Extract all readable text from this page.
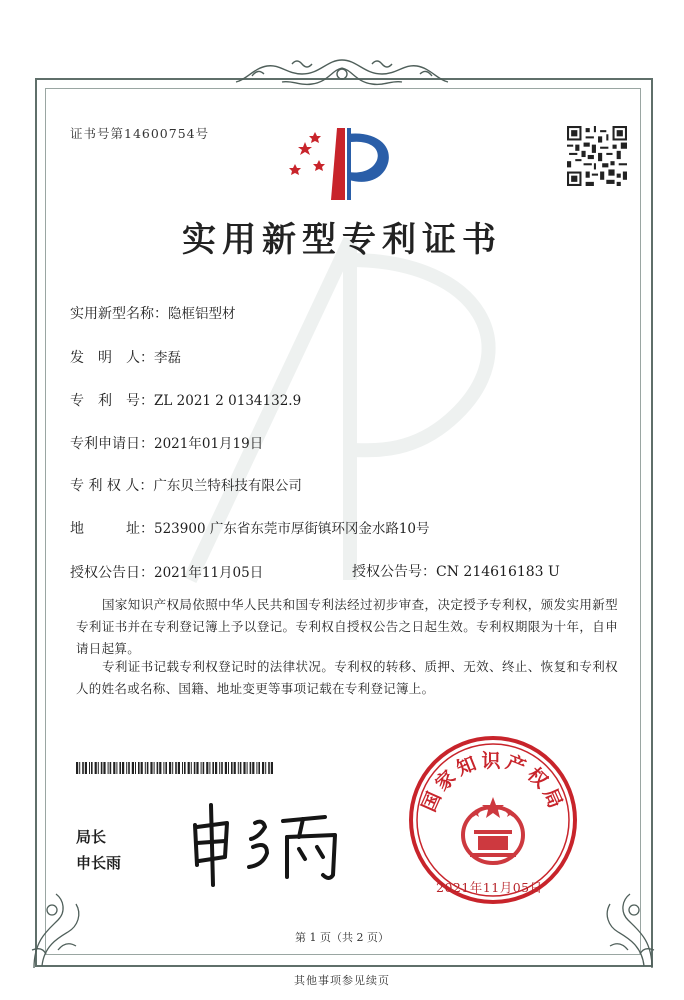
证书号第14600754号
实用新型专利证书
实用新型名称：隐框铝型材
发　明　人：李磊
专　利　号：ZL 2021 2 0134132.9
专利申请日：2021年01月19日
专 利 权 人：广东贝兰特科技有限公司
地　　　址：523900 广东省东莞市厚街镇环冈金水路10号
授权公告日：2021年11月05日	授权公告号：CN 214616183 U
国家知识产权局依照中华人民共和国专利法经过初步审查，决定授予专利权，颁发实用新型专利证书并在专利登记簿上予以登记。专利权自授权公告之日起生效。专利权期限为十年，自申请日起算。
专利证书记载专利权登记时的法律状况。专利权的转移、质押、无效、终止、恢复和专利权人的姓名或名称、国籍、地址变更等事项记载在专利登记簿上。
局长
申长雨
国家知识产权局
2021年11月05日
第 1 页（共 2 页）
其他事项参见续页
